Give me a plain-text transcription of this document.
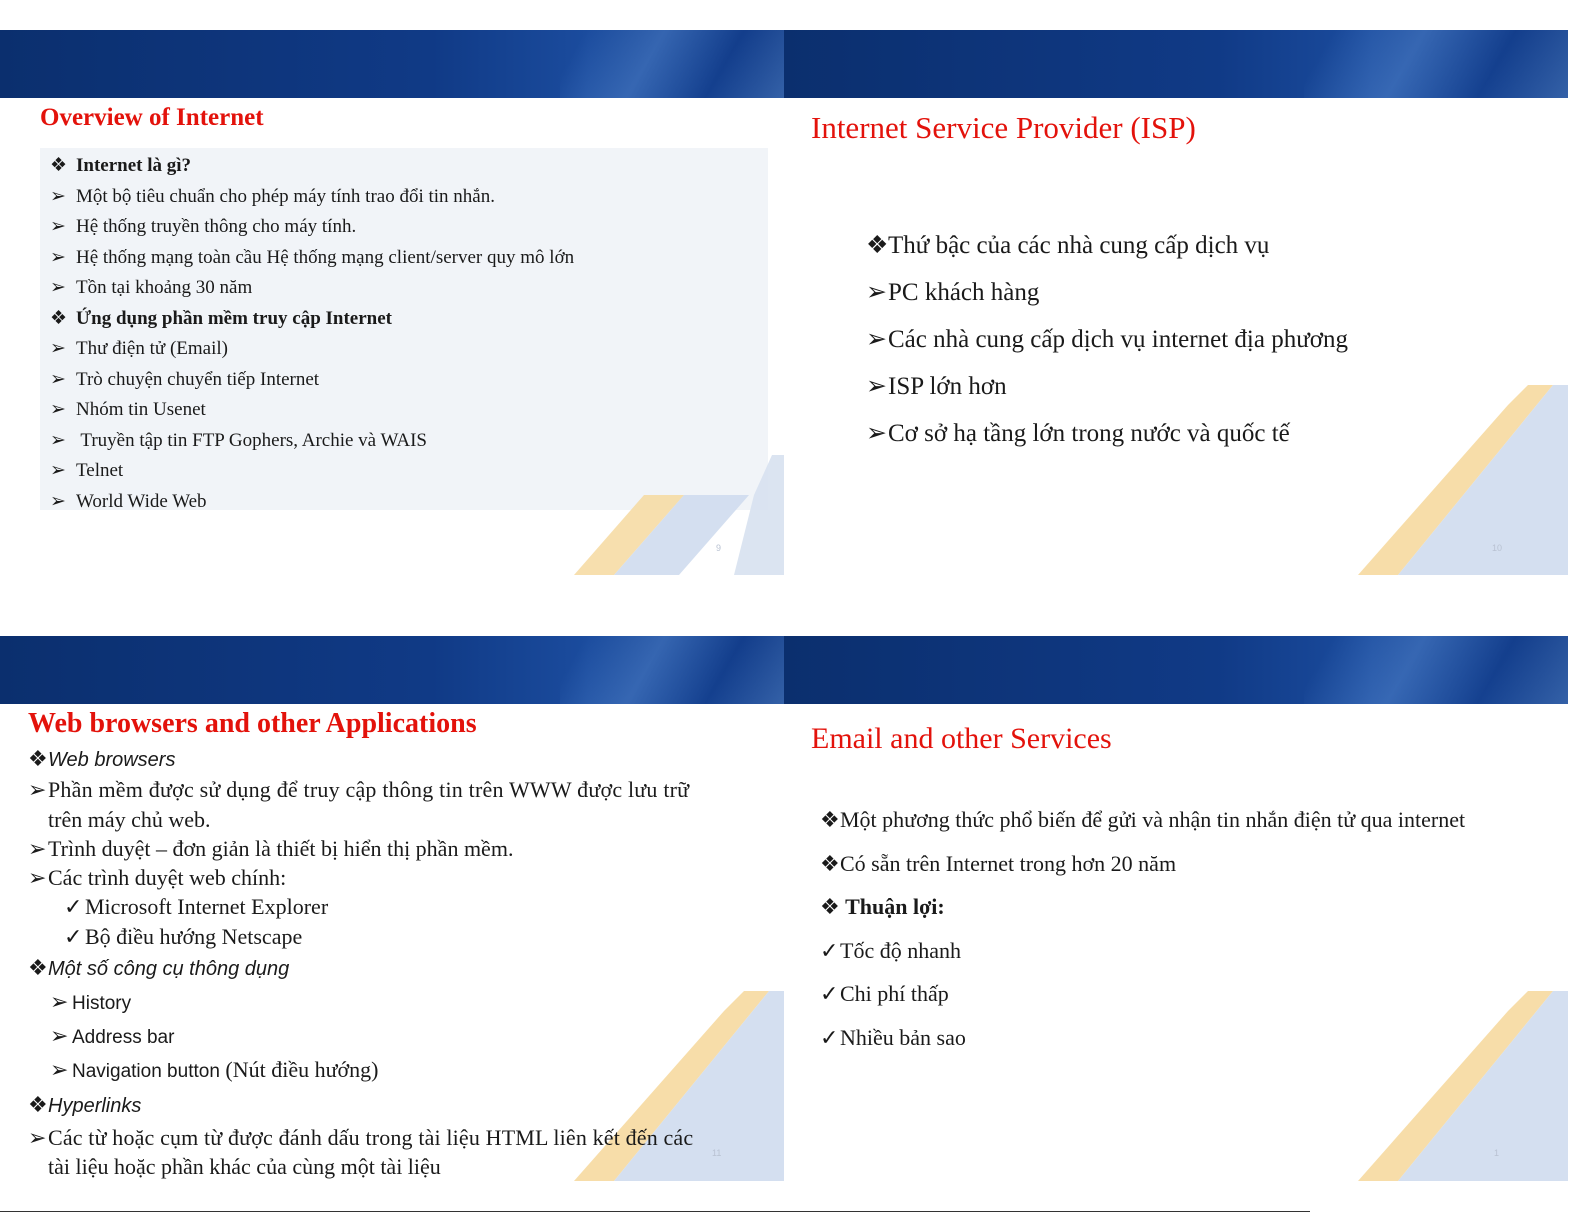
Overview of Internet
❖ Internet là gì?
➢ Một bộ tiêu chuẩn cho phép máy tính trao đổi tin nhắn.
➢ Hệ thống truyền thông cho máy tính.
➢ Hệ thống mạng toàn cầu Hệ thống mạng client/server quy mô lớn
➢ Tồn tại khoảng 30 năm
❖ Ứng dụng phần mềm truy cập Internet
➢ Thư điện tử (Email)
➢ Trò chuyện chuyển tiếp Internet
➢ Nhóm tin Usenet
➢ Truyền tập tin FTP Gophers, Archie và WAIS
➢ Telnet
➢ World Wide Web
9
Internet Service Provider (ISP)
❖Thứ bậc của các nhà cung cấp dịch vụ
➢PC khách hàng
➢Các nhà cung cấp dịch vụ internet địa phương
➢ISP lớn hơn
➢Cơ sở hạ tầng lớn trong nước và quốc tế
10
Web browsers and other Applications
❖Web browsers
➢Phần mềm được sử dụng để truy cập thông tin trên WWW được lưu trữ
trên máy chủ web.
➢Trình duyệt – đơn giản là thiết bị hiển thị phần mềm.
➢Các trình duyệt web chính:
✓ Microsoft Internet Explorer
✓ Bộ điều hướng Netscape
❖Một số công cụ thông dụng
➢ History
➢ Address bar
➢ Navigation button (Nút điều hướng)
❖Hyperlinks
➢Các từ hoặc cụm từ được đánh dấu trong tài liệu HTML liên kết đến các
tài liệu hoặc phần khác của cùng một tài liệu
11
Email and other Services
❖Một phương thức phổ biến để gửi và nhận tin nhắn điện tử qua internet
❖Có sẵn trên Internet trong hơn 20 năm
❖ Thuận lợi:
✓Tốc độ nhanh
✓Chi phí thấp
✓Nhiều bản sao
1
